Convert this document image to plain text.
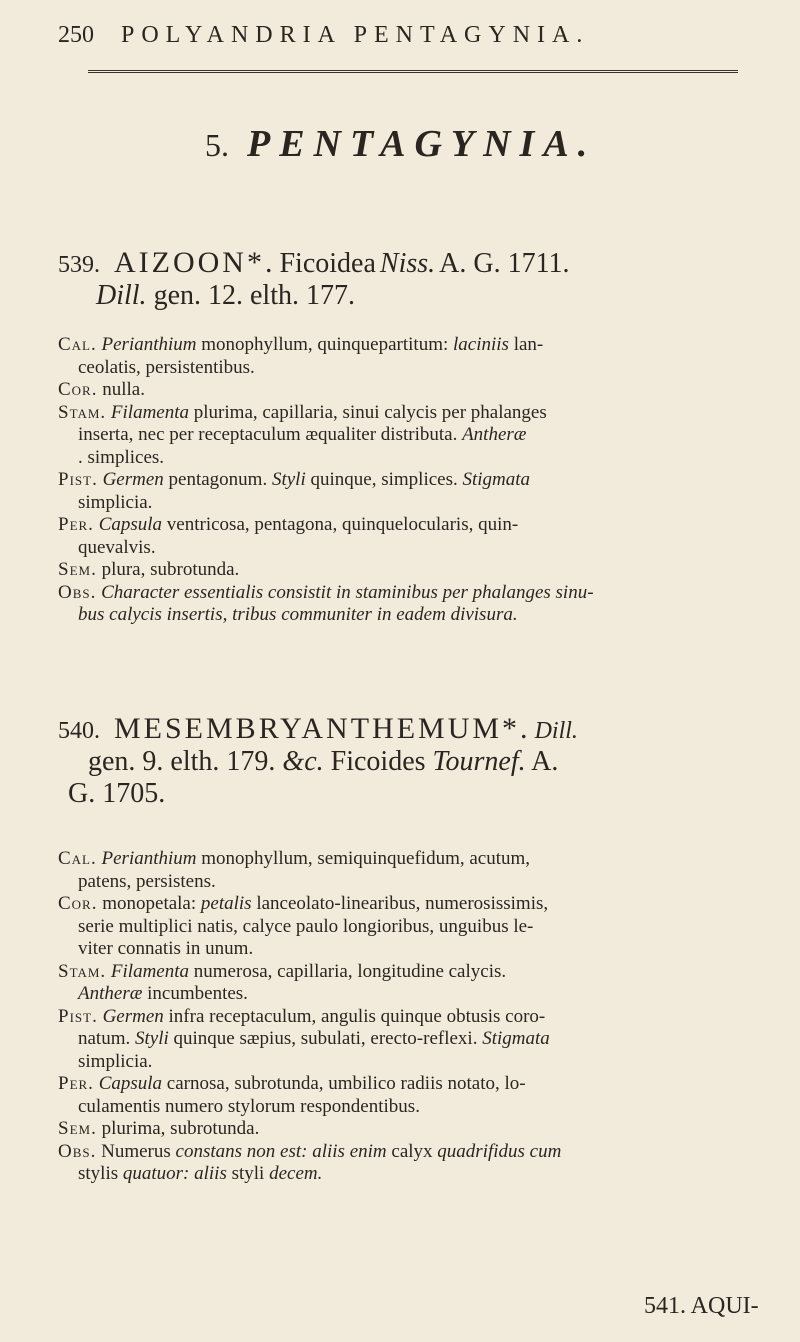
250 POLYANDRIA PENTAGYNIA.
5. PENTAGYNIA.
539. AIZOON*. Ficoidea Niss. A. G. 1711.
Dill. gen. 12. elth. 177.

Cal. Perianthium monophyllum, quinquepartitum: laciniis lan-
ceolatis, persistentibus.

Cor. nulla.

Stam. Filamenta plurima, capillaria, sinui calycis per phalanges
inserta, nec per receptaculum æqualiter distributa. Antheræ
. simplices.

Pist. Germen pentagonum. Styli quinque, simplices. Stigmata
simplicia.

Per. Capsula ventricosa, pentagona, quinquelocularis, quin-
quevalvis.

Sem. plura, subrotunda.

Obs. Character essentialis consistit in staminibus per phalanges sinu-
bus calycis insertis, tribus communiter in eadem divisura.

540. MESEMBRYANTHEMUM*. Dill.
gen. 9. elth. 179. &c. Ficoides Tournef. A.
G. 1705.

Cal. Perianthium monophyllum, semiquinquefidum, acutum,
patens, persistens.

Cor. monopetala: petalis lanceolato-linearibus, numerosissimis,
serie multiplici natis, calyce paulo longioribus, unguibus le-
viter connatis in unum.

Stam. Filamenta numerosa, capillaria, longitudine calycis.
Antheræ incumbentes.

Pist. Germen infra receptaculum, angulis quinque obtusis coro-
natum. Styli quinque sæpius, subulati, erecto-reflexi. Stigmata
simplicia.

Per. Capsula carnosa, subrotunda, umbilico radiis notato, lo-
culamentis numero stylorum respondentibus.

Sem. plurima, subrotunda.

Obs. Numerus constans non est: aliis enim calyx quadrifidus cum
stylis quatuor: aliis styli decem.

541. AQUI-
